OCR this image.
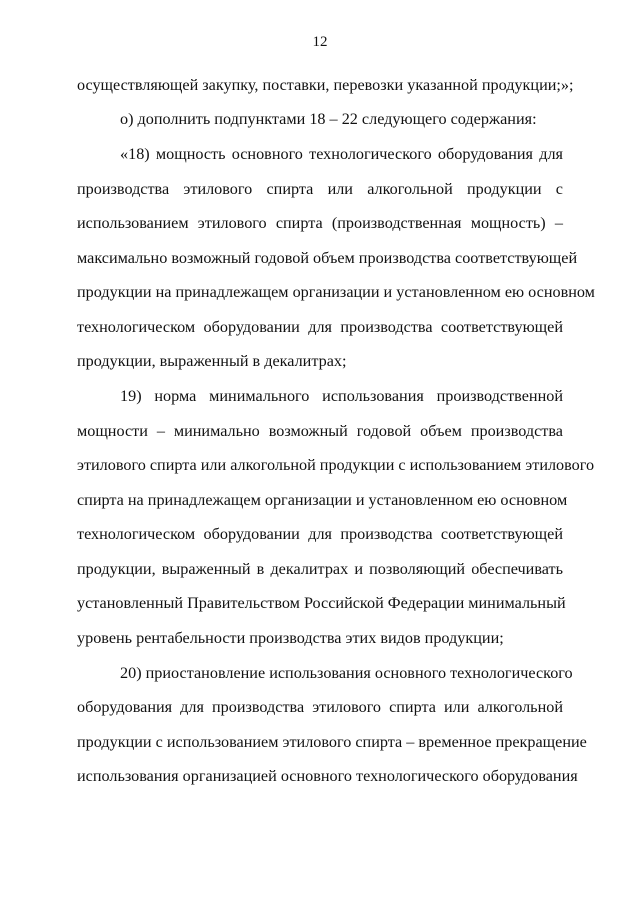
12
осуществляющей закупку, поставки, перевозки указанной продукции;»;
о) дополнить подпунктами 18 – 22 следующего содержания:
«18) мощность основного технологического оборудования для
производства этилового спирта или алкогольной продукции с
использованием этилового спирта (производственная мощность) –
максимально возможный годовой объем производства соответствующей
продукции на принадлежащем организации и установленном ею основном
технологическом оборудовании для производства соответствующей
продукции, выраженный в декалитрах;
19) норма минимального использования производственной
мощности – минимально возможный годовой объем производства
этилового спирта или алкогольной продукции с использованием этилового
спирта на принадлежащем организации и установленном ею основном
технологическом оборудовании для производства соответствующей
продукции, выраженный в декалитрах и позволяющий обеспечивать
установленный Правительством Российской Федерации минимальный
уровень рентабельности производства этих видов продукции;
20) приостановление использования основного технологического
оборудования для производства этилового спирта или алкогольной
продукции с использованием этилового спирта – временное прекращение
использования организацией основного технологического оборудования
